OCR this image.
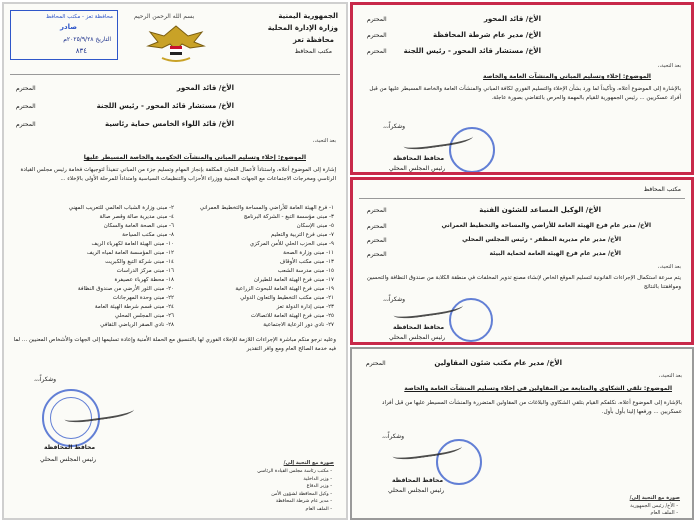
الجمهورية اليمنية
وزارة الإدارة المحلية
محافظة تعز
مكتب المحافظ
بسم الله الرحمن الرحيم
محافظة تعز - مكتب المحافظ
صادر
التاريخ ٢٠٢٥/٩/٢٨م
٨٣٤
الأخ/ قائد المحور
المحترم
الأخ/ مستشار قائد المحور - رئيس اللجنة
المحترم
الأخ/ قائد اللواء الخامس حماية رئاسية
المحترم
بعد التحية،،
الموضوع: إخلاء وتسليم المباني والمنشآت الحكومية والخاصة المسيطر عليها
إشارة إلى الموضوع أعلاه، واستناداً لأعمال اللجان المكلفة بإنجاز المهام وتسليم جزء من المباني تنفيذاً لتوجيهات فخامة رئيس مجلس القيادة الرئاسي ومخرجات الاجتماعات مع الجهات المعنية ووزراء الأحزاب والتنظيمات السياسية وامتداداً للمرحلة الأولى بالإخلاء ...
١- فرع الهيئة العامة للأراضي والمساحة والتخطيط العمراني
٣- مبنى مؤسسة التبغ - الشركة البرنامج
٥- مبنى الإسكان
٧- مبنى فرع التربية والتعليم
٩- مبنى الحزب الحلي للأمن المركزي
١١- مبنى وزارة الصحة
١٣- مبنى مكتب الأوقاف
١٥- مبنى مدرسة الشعب
١٧- مبنى فرع الهيئة العامة للطيران
١٩- مبنى فرع الهيئة العامة للبحوث الزراعية
٢١- مبنى مكتب التخطيط والتعاون الدولي
٢٣- مبنى إدارة الدولة تعز
٢٥- مبنى فرع الهيئة العامة للاتصالات
٢٧- نادي دور الرعاية الاجتماعية
٢- مبنى وزارة الشباب العالمي للتعريب المهني
٤- مبنى مديرية صالة وقصر صالة
٦- مبنى الصحة العامة والسكان
٨- مبنى مكتب السياحة
١٠- مبنى الهيئة العامة لكهرباء الريف
١٢- مبنى المؤسسة العامة لمياه الريف
١٤- مبنى شركة التبغ والكبريت
١٦- مبنى مركز الدراسات
١٨- محطة كهرباء عصيفرة
٢٠- مبنى الثور الأرضي من صندوق النظافة
٢٢- مبنى وحدة المهرجانات
٢٤- مبنى قسم شرطة الهيئة العامة
٢٦- مبنى المجلس المحلي
٢٨- نادي الصقر الرياضي الثقافي
وعليه نرجو منكم مباشرة الإجراءات اللازمة للإخلاء الفوري لها بالتنسيق مع الحملة الأمنية وإعادة تسليمها إلى الجهات والأشخاص المعنيين ... لما فيه خدمة الصالح العام ومع وافر التقدير
وشكراً،،،
محافظ المحافظة
رئيس المجلس المحلي	صورة مع التحية إلى/
- مكتب رئاسة مجلس القيادة الرئاسي
- وزير الداخلية
- وزير الدفاع
- وكيل المحافظة لشؤون الأمن
- مدير عام شرطة المحافظة
- الملف العام
الأخ/ قائد المحور
المحترم
الأخ/ مدير عام شرطة المحافظة
المحترم
الأخ/ مستشار قائد المحور - رئيس اللجنة
المحترم
بعد التحية،،
الموضوع: إخلاء وتسليم المباني والمنشآت العامة والخاصة
بالإشارة إلى الموضوع أعلاه، وتأكيداً لما ورد بشأن الإخلاء والتسليم الفوري لكافة المباني والمنشآت العامة والخاصة المسيطر عليها من قبل أفراد عسكريين ... رئيس الجمهورية للقيام بالمهمة والحرص بالتقاضي بصورة عاجلة.
وشكراً،،،
محافظ المحافظة
رئيس المجلس المحلي
مكتب المحافظ
الأخ/ الوكيل المساعد للشئون الفنية
المحترم
الأخ/ مدير عام فرع الهيئة العامة للأراضي والمساحة والتخطيط العمراني
المحترم
الأخ/ مدير عام مديرية المظفر - رئيس المجلس المحلي
المحترم
الأخ/ مدير عام فرع الهيئة العامة لحماية البيئة
المحترم
بعد التحية،،
يتم سرعة استكمال الإجراءات القانونية لتسليم الموقع الخاص لإنشاء مصنع تدوير المخلفات في منطقة الكلابة من صندوق النظافة والتحسين وموافقتنا بالنتائج
وشكراً،،،
محافظ المحافظة
رئيس المجلس المحلي
الأخ/ مدير عام مكتب شئون المقاولين
المحترم
بعد التحية،،
الموضوع: تلقي الشكاوي والمتابعة من المقاولين في إخلاء وتسليم المنشآت العامة والخاصة
بالإشارة إلى الموضوع أعلاه، نكلفكم القيام بتلقي الشكاوي والبلاغات من المقاولين المتضررة والمنشآت المسيطر عليها من قبل أفراد عسكريين ... ورفعها إلينا بأول بأول.
وشكراً،،،
محافظ المحافظة
رئيس المجلس المحلي
صورة مع التحية إلى/
- الأخ/ رئيس الجمهورية
- الملف العام
